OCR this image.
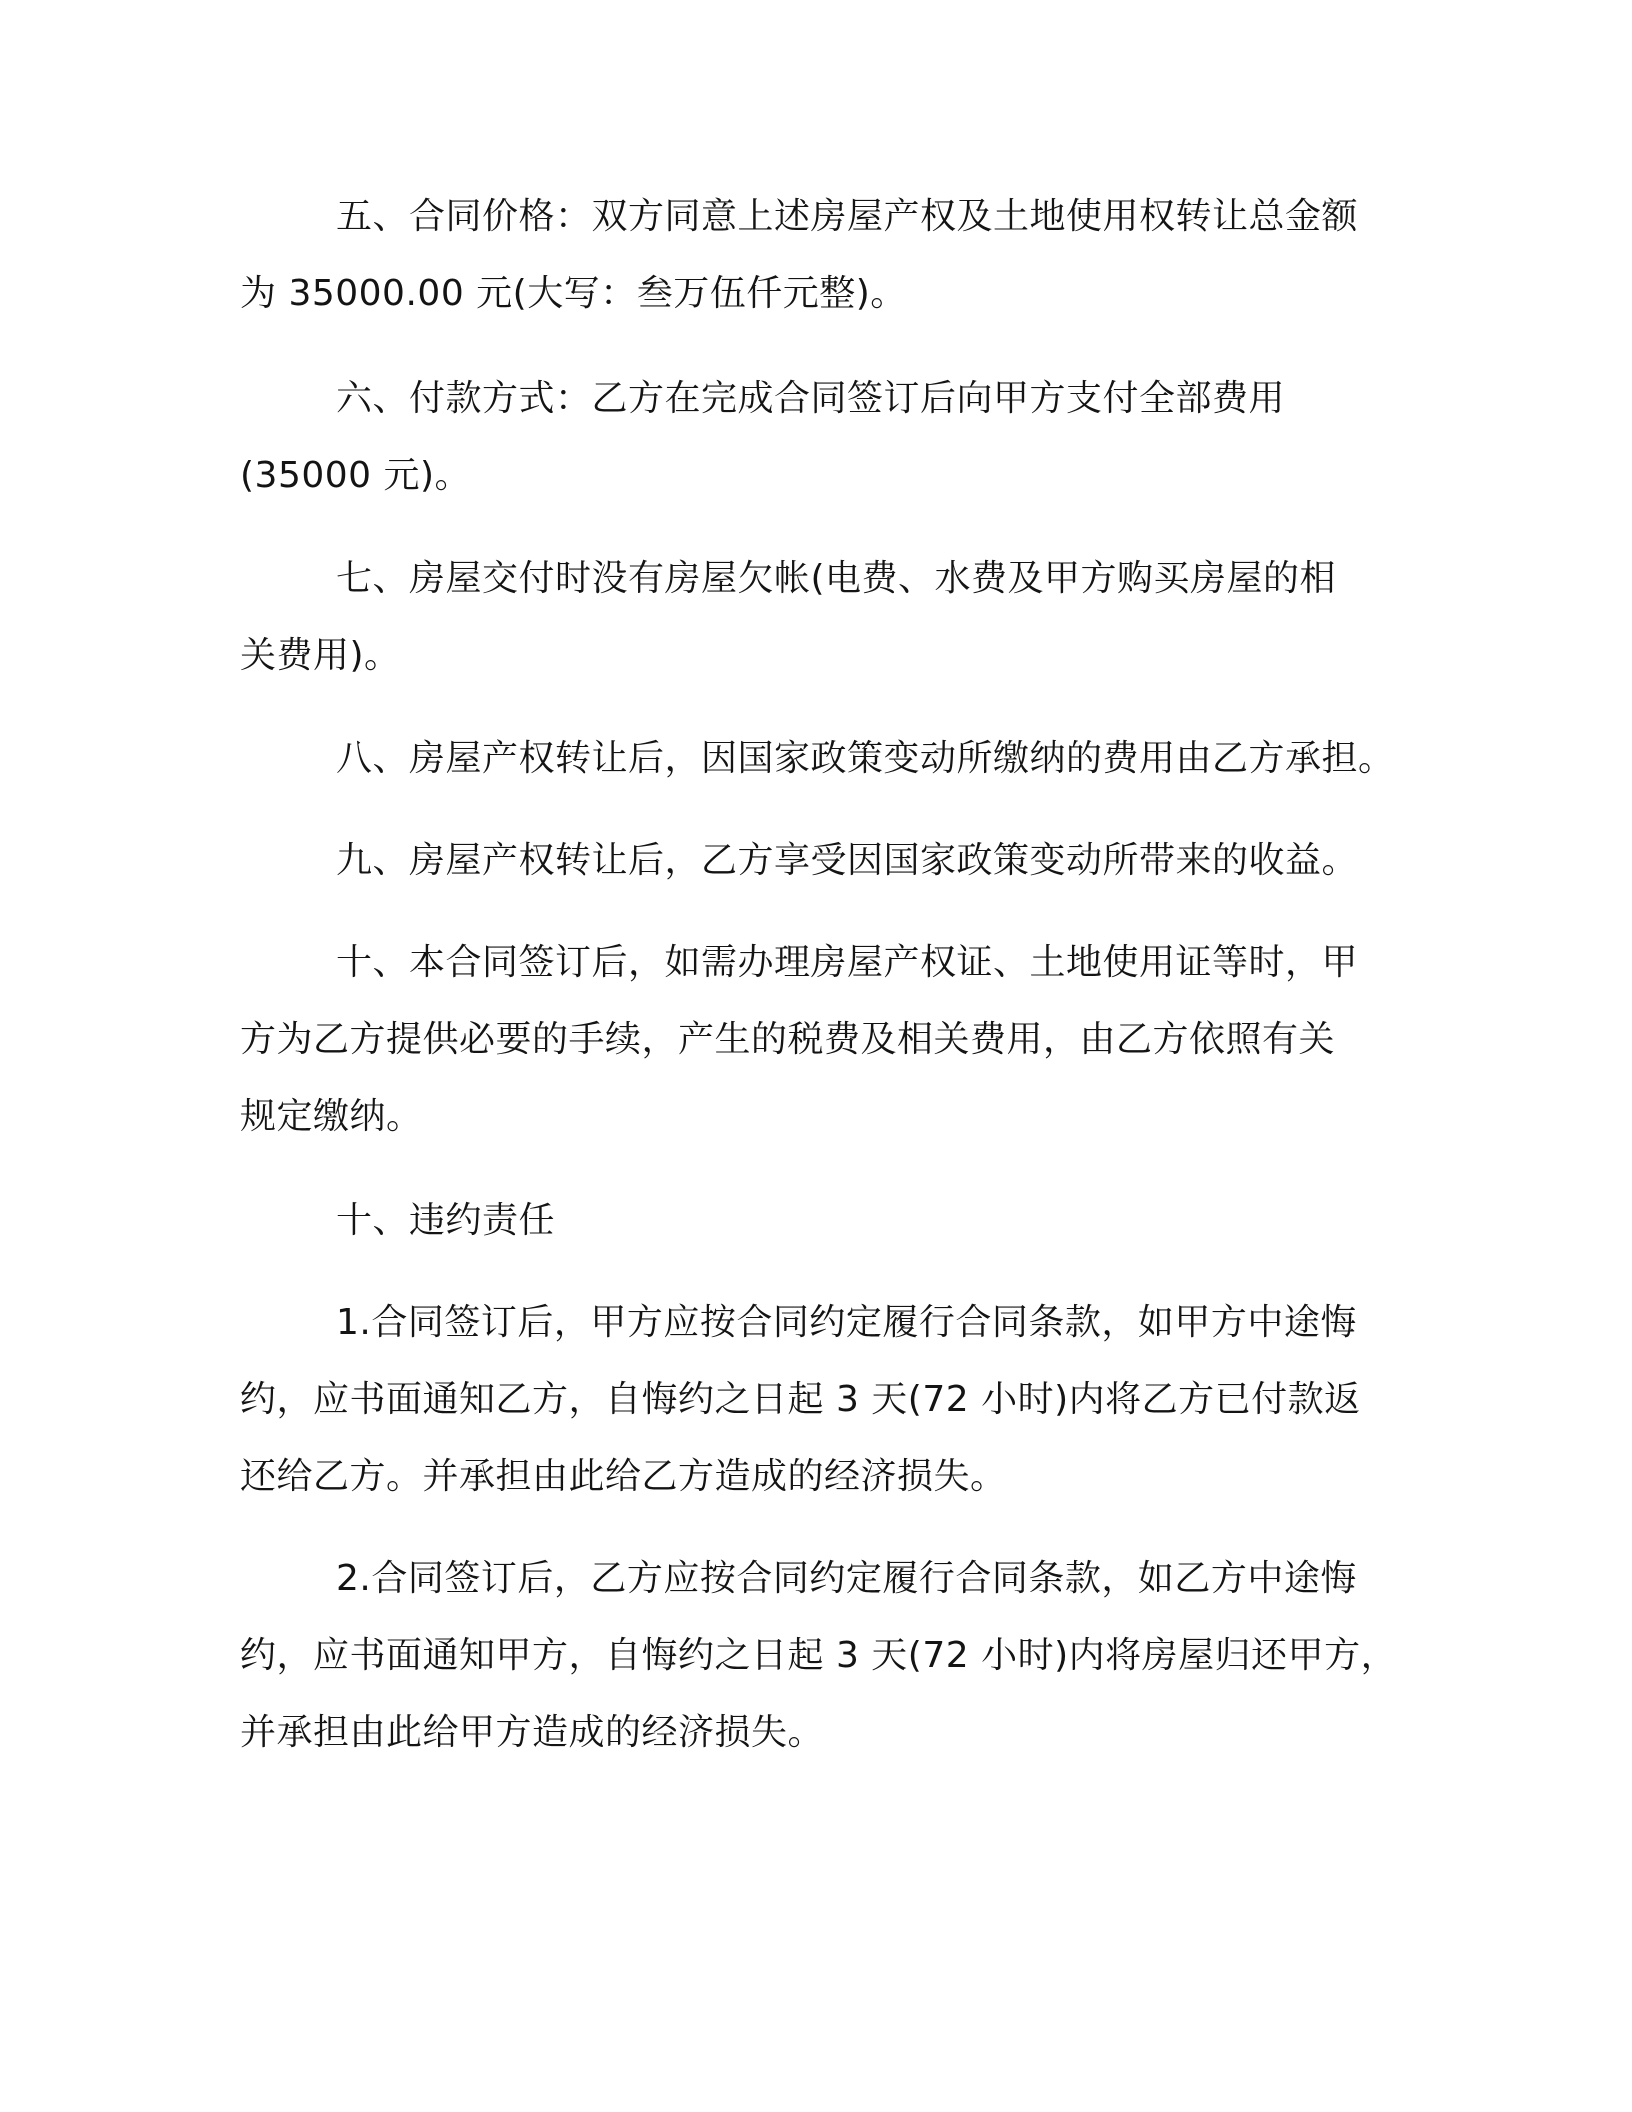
五、合同价格：双方同意上述房屋产权及土地使用权转让总金额
为 35000.00 元(大写：叁万伍仟元整)。
六、付款方式：乙方在完成合同签订后向甲方支付全部费用
(35000 元)。
七、房屋交付时没有房屋欠帐(电费、水费及甲方购买房屋的相
关费用)。
八、房屋产权转让后，因国家政策变动所缴纳的费用由乙方承担。
九、房屋产权转让后，乙方享受因国家政策变动所带来的收益。
十、本合同签订后，如需办理房屋产权证、土地使用证等时，甲
方为乙方提供必要的手续，产生的税费及相关费用，由乙方依照有关
规定缴纳。
十、违约责任
1.合同签订后，甲方应按合同约定履行合同条款，如甲方中途悔
约，应书面通知乙方，自悔约之日起 3 天(72 小时)内将乙方已付款返
还给乙方。并承担由此给乙方造成的经济损失。
2.合同签订后，乙方应按合同约定履行合同条款，如乙方中途悔
约，应书面通知甲方，自悔约之日起 3 天(72 小时)内将房屋归还甲方，
并承担由此给甲方造成的经济损失。
